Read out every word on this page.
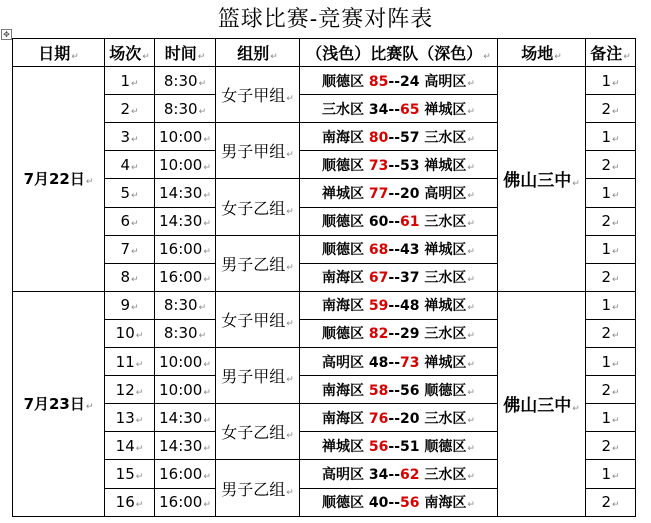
篮球比赛-竞赛对阵表
✥
日期↵	场次↵	时间↵	组别↵	（浅色）比赛队（深色）↵	场地↵	备注↵
7月22日↵	1↵	8:30↵	女子甲组↵	顺德区 85--24 高明区↵	佛山三中↵	1↵
	2↵	8:30↵		三水区 34--65 禅城区↵		2↵
	3↵	10:00↵	男子甲组↵	南海区 80--57 三水区↵		1↵
	4↵	10:00↵		顺德区 73--53 禅城区↵		2↵
	5↵	14:30↵	女子乙组↵	禅城区 77--20 高明区↵		1↵
	6↵	14:30↵		顺德区 60--61 三水区↵		2↵
	7↵	16:00↵	男子乙组↵	顺德区 68--43 禅城区↵		1↵
	8↵	16:00↵		南海区 67--37 三水区↵		2↵
7月23日↵	9↵	8:30↵	女子甲组↵	南海区 59--48 禅城区↵	佛山三中↵	1↵
	10↵	8:30↵		顺德区 82--29 三水区↵		2↵
	11↵	10:00↵	男子甲组↵	高明区 48--73 禅城区↵		1↵
	12↵	10:00↵		南海区 58--56 顺德区↵		2↵
	13↵	14:30↵	女子乙组↵	南海区 76--20 三水区↵		1↵
	14↵	14:30↵		禅城区 56--51 顺德区↵		2↵
	15↵	16:00↵	男子乙组↵	高明区 34--62 三水区↵		1↵
	16↵	16:00↵		顺德区 40--56 南海区↵		2↵
